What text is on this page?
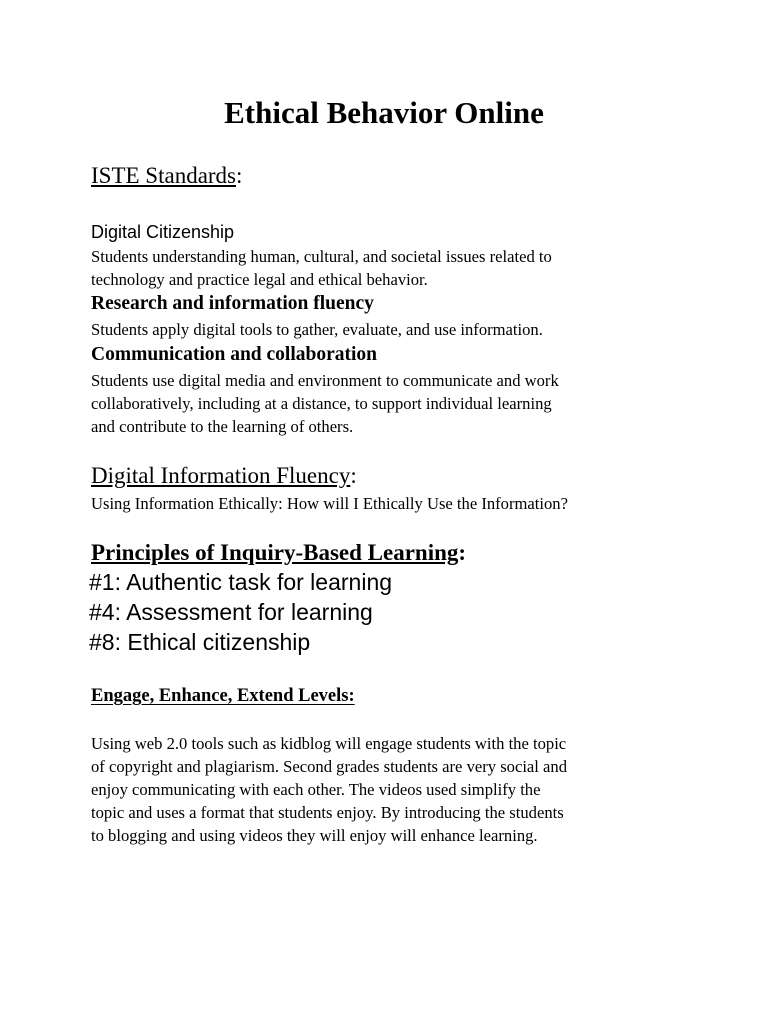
Ethical Behavior Online
ISTE Standards:
Digital Citizenship
Students understanding human, cultural, and societal issues related to
technology and practice legal and ethical behavior.
Research and information fluency
Students apply digital tools to gather, evaluate, and use information.
Communication and collaboration
Students use digital media and environment to communicate and work
collaboratively, including at a distance, to support individual learning
and contribute to the learning of others.
Digital Information Fluency:
Using Information Ethically: How will I Ethically Use the Information?
Principles of Inquiry-Based Learning:
#1: Authentic task for learning
#4: Assessment for learning
#8: Ethical citizenship
Engage, Enhance, Extend Levels:
Using web 2.0 tools such as kidblog will engage students with the topic
of copyright and plagiarism. Second grades students are very social and
enjoy communicating with each other. The videos used simplify the
topic and uses a format that students enjoy. By introducing the students
to blogging and using videos they will enjoy will enhance learning.
